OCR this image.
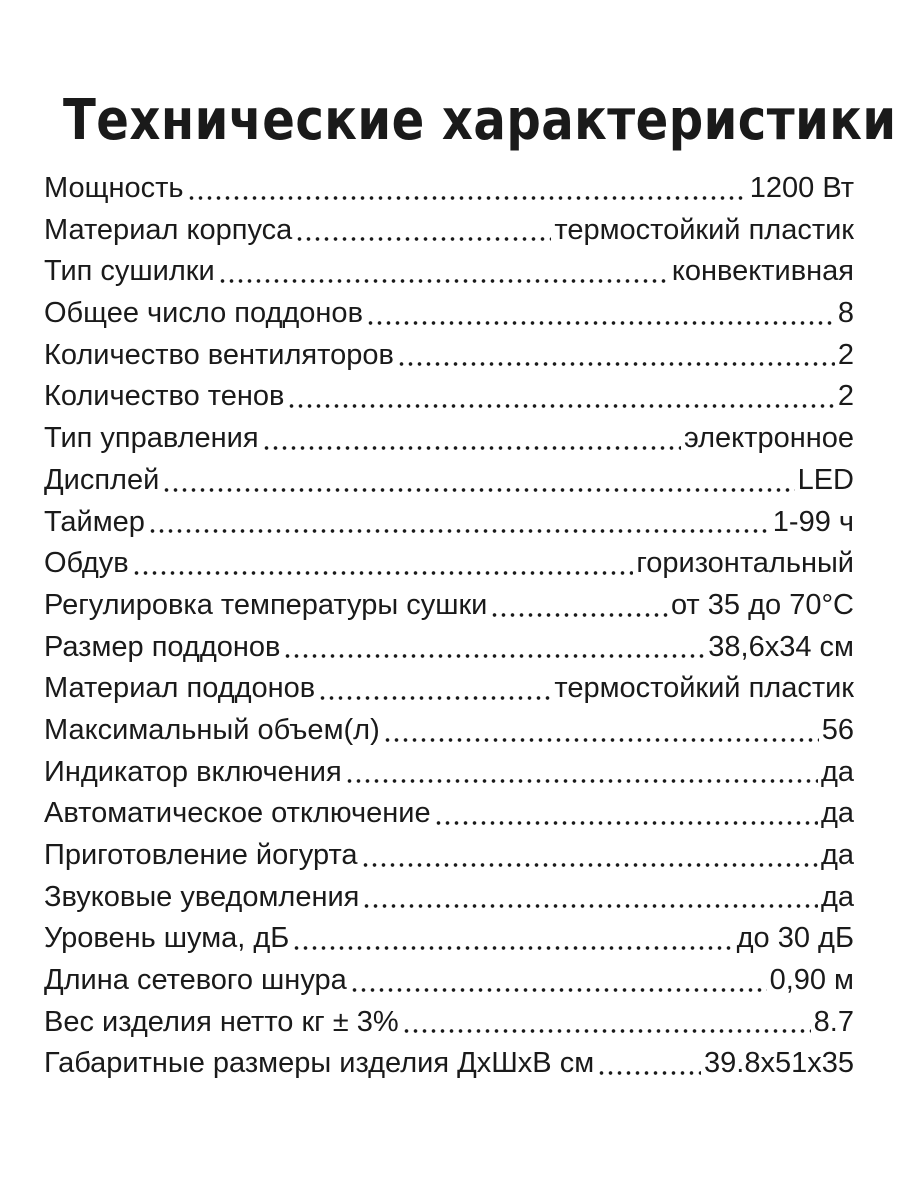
Технические характеристики
Мощность	1200 Вт
Материал корпуса	термостойкий пластик
Тип сушилки	конвективная
Общее число поддонов	8
Количество вентиляторов	2
Количество тенов	2
Тип управления	электронное
Дисплей	LED
Таймер	1-99 ч
Обдув	горизонтальный
Регулировка температуры сушки	от 35 до 70°С
Размер поддонов	38,6х34 см
Материал поддонов	термостойкий пластик
Максимальный объем(л)	56
Индикатор включения	да
Автоматическое отключение	да
Приготовление йогурта	да
Звуковые уведомления	да
Уровень шума, дБ	до 30 дБ
Длина сетевого шнура	0,90 м
Вес изделия нетто кг ± 3%	8.7
Габаритные размеры изделия ДхШхВ см	39.8х51х35
